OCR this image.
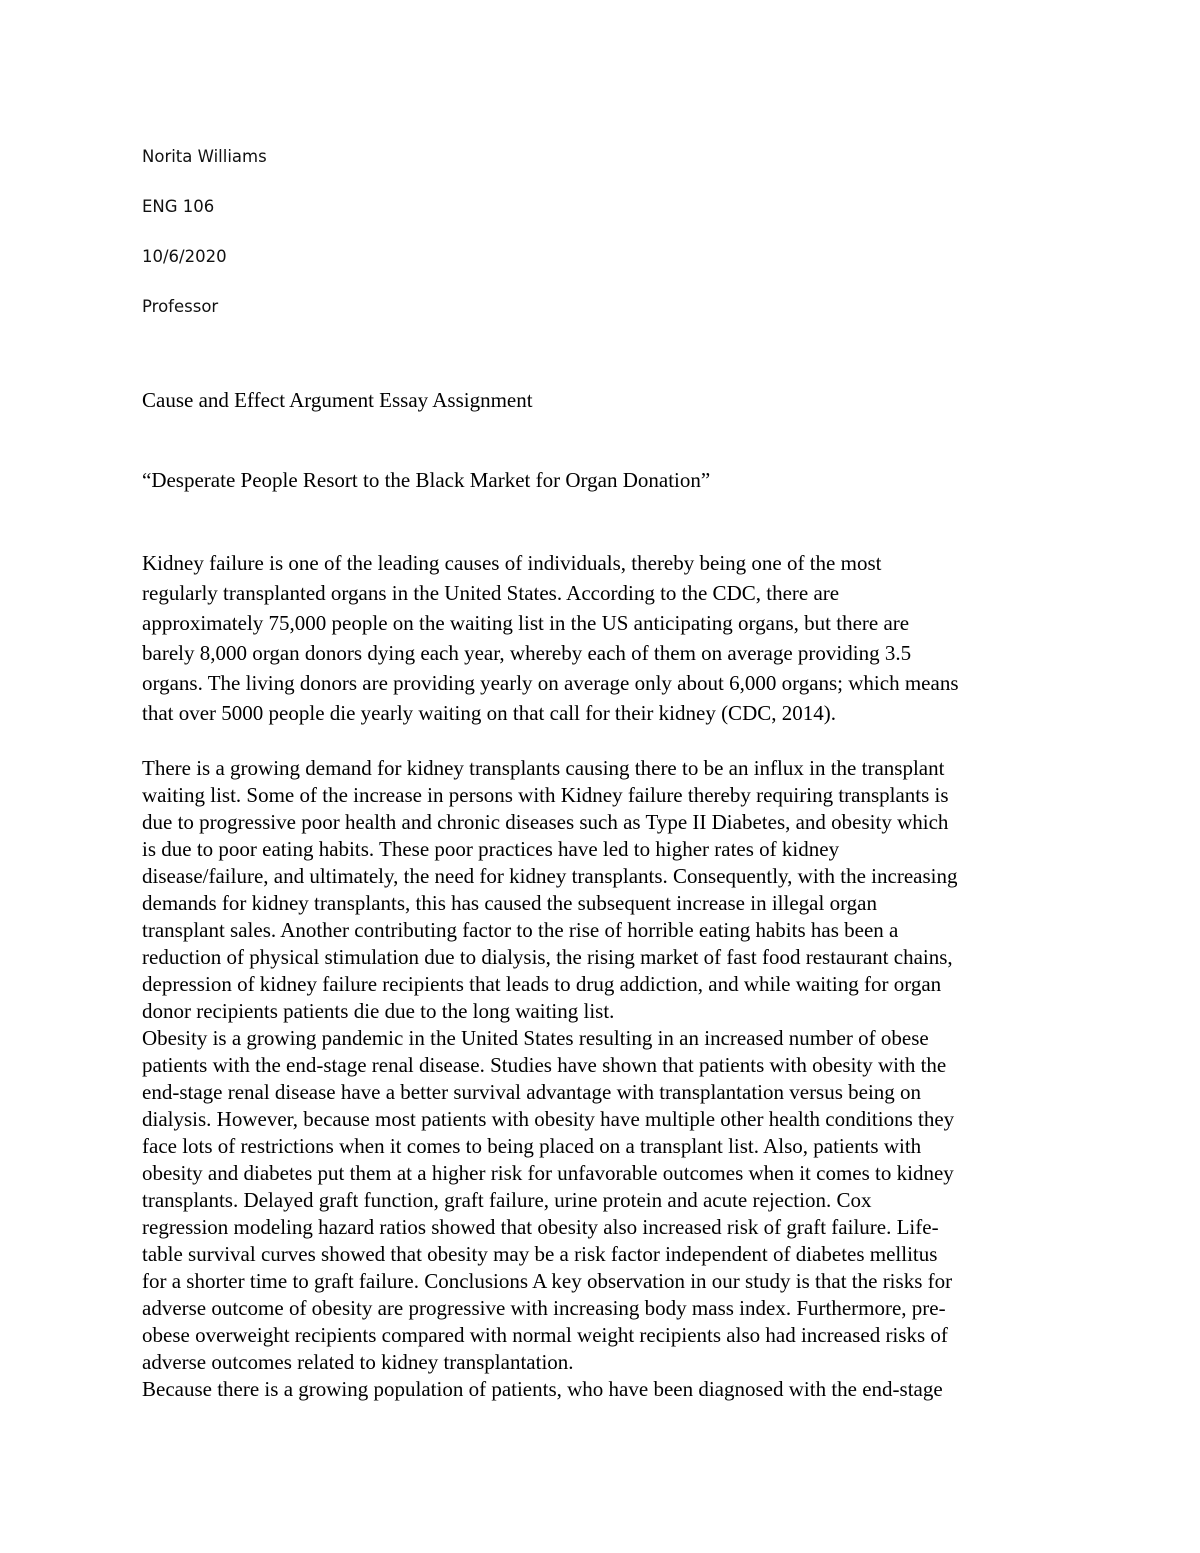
Norita Williams
ENG 106
10/6/2020
Professor
Cause and Effect Argument Essay Assignment
“Desperate People Resort to the Black Market for Organ Donation”
Kidney failure is one of the leading causes of individuals, thereby being one of the most
regularly transplanted organs in the United States. According to the CDC, there are
approximately 75,000 people on the waiting list in the US anticipating organs, but there are
barely 8,000 organ donors dying each year, whereby each of them on average providing 3.5
organs. The living donors are providing yearly on average only about 6,000 organs; which means
that over 5000 people die yearly waiting on that call for their kidney (CDC, 2014).
There is a growing demand for kidney transplants causing there to be an influx in the transplant
waiting list. Some of the increase in persons with Kidney failure thereby requiring transplants is
due to progressive poor health and chronic diseases such as Type II Diabetes, and obesity which
is due to poor eating habits. These poor practices have led to higher rates of kidney
disease/failure, and ultimately, the need for kidney transplants. Consequently, with the increasing
demands for kidney transplants, this has caused the subsequent increase in illegal organ
transplant sales. Another contributing factor to the rise of horrible eating habits has been a
reduction of physical stimulation due to dialysis, the rising market of fast food restaurant chains,
depression of kidney failure recipients that leads to drug addiction, and while waiting for organ
donor recipients patients die due to the long waiting list.
Obesity is a growing pandemic in the United States resulting in an increased number of obese
patients with the end-stage renal disease. Studies have shown that patients with obesity with the
end-stage renal disease have a better survival advantage with transplantation versus being on
dialysis. However, because most patients with obesity have multiple other health conditions they
face lots of restrictions when it comes to being placed on a transplant list. Also, patients with
obesity and diabetes put them at a higher risk for unfavorable outcomes when it comes to kidney
transplants. Delayed graft function, graft failure, urine protein and acute rejection. Cox
regression modeling hazard ratios showed that obesity also increased risk of graft failure. Life-
table survival curves showed that obesity may be a risk factor independent of diabetes mellitus
for a shorter time to graft failure. Conclusions A key observation in our study is that the risks for
adverse outcome of obesity are progressive with increasing body mass index. Furthermore, pre-
obese overweight recipients compared with normal weight recipients also had increased risks of
adverse outcomes related to kidney transplantation.
Because there is a growing population of patients, who have been diagnosed with the end-stage
